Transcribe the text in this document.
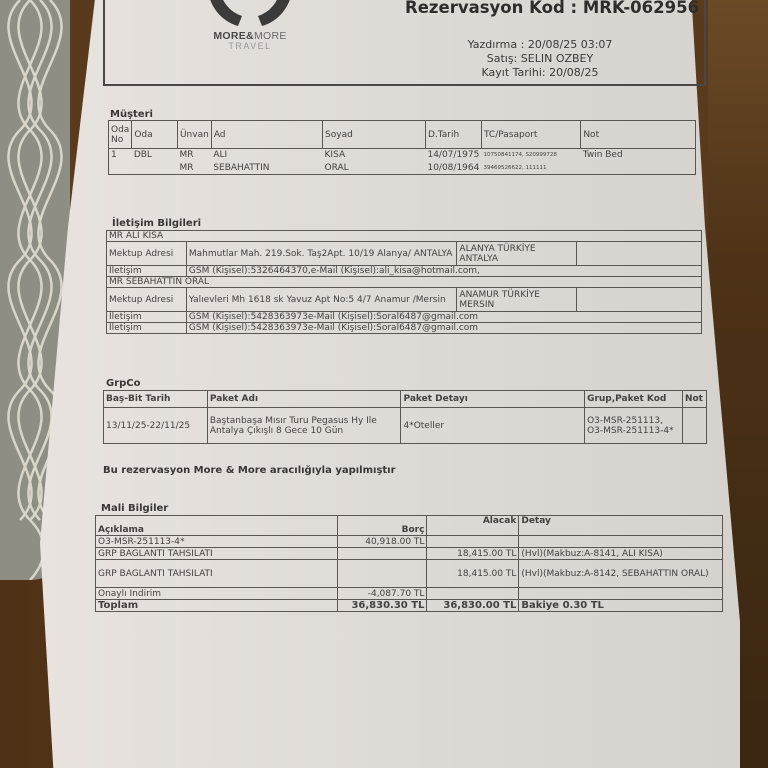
MORE&MORE
TRAVEL
Rezervasyon Kod : MRK-062956
Yazdırma : 20/08/25 03:07
Satış: SELIN OZBEY
Kayıt Tarihi: 20/08/25
Müşteri
Oda No	Oda	Ünvan	Ad	Soyad	D.Tarih	TC/Pasaport	Not
1	DBL	MR	ALI	KISA	14/07/1975	10750841174, S20999728	Twin Bed
		MR	SEBAHATTIN	ORAL	10/08/1964	39469526622, 111111	
İletişim Bilgileri
MR ALI KISA			
Mektup Adresi	Mahmutlar Mah. 219.Sok. Taş2Apt. 10/19 Alanya/ ANTALYA	ALANYA TÜRKİYE ANTALYA	
İletişim	GSM (Kişisel):5326464370,e-Mail (Kişisel):ali_kisa@hotmail.com,		
MR SEBAHATTIN ORAL			
Mektup Adresi	Yalıevleri Mh 1618 sk Yavuz Apt No:5 4/7 Anamur /Mersin	ANAMUR TÜRKİYE MERSIN	
İletişim	GSM (Kişisel):5428363973e-Mail (Kişisel):Soral6487@gmail.com		
İletişim	GSM (Kişisel):5428363973e-Mail (Kişisel):Soral6487@gmail.com		
GrpCo
Baş-Bit Tarih	Paket Adı	Paket Detayı	Grup,Paket Kod	Not
13/11/25-22/11/25	Baştanbaşa Mısır Turu Pegasus Hy Ile Antalya Çıkışlı 8 Gece 10 Gün	4*Oteller	O3-MSR-251113, O3-MSR-251113-4*	
Bu rezervasyon More & More aracılığıyla yapılmıştır
Mali Bilgiler
Açıklama	Borç	Alacak	Detay
O3-MSR-251113-4*	40,918.00 TL		
GRP BAGLANTI TAHSILATI		18,415.00 TL	(Hvl)(Makbuz:A-8141, ALI KISA)
GRP BAGLANTI TAHSILATI		18,415.00 TL	(Hvl)(Makbuz:A-8142, SEBAHATTIN ORAL)
Onaylı Indirim	-4,087.70 TL		
Toplam	36,830.30 TL	36,830.00 TL	Bakiye 0.30 TL
